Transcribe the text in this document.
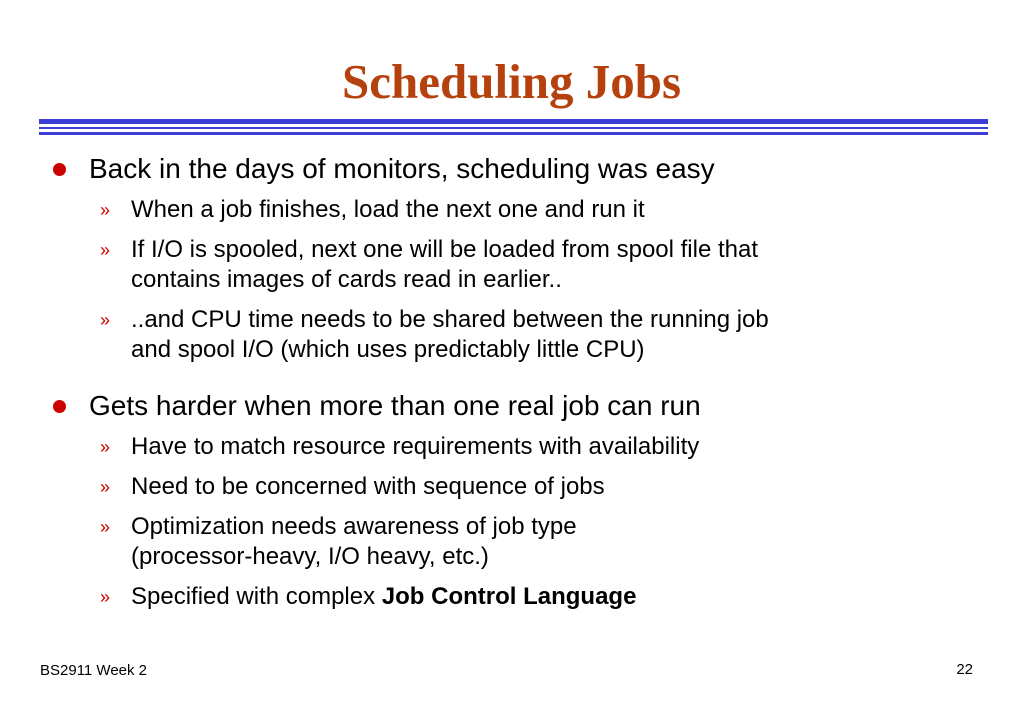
Scheduling Jobs
Back in the days of monitors, scheduling was easy
» When a job finishes, load the next one and run it
» If I/O is spooled, next one will be loaded from spool file that
contains images of cards read in earlier..
» ..and CPU time needs to be shared between the running job
and spool I/O (which uses predictably little CPU)
Gets harder when more than one real job can run
» Have to match resource requirements with availability
» Need to be concerned with sequence of jobs
» Optimization needs awareness of job type
(processor-heavy, I/O heavy, etc.)
» Specified with complex Job Control Language
BS2911 Week 2	22
